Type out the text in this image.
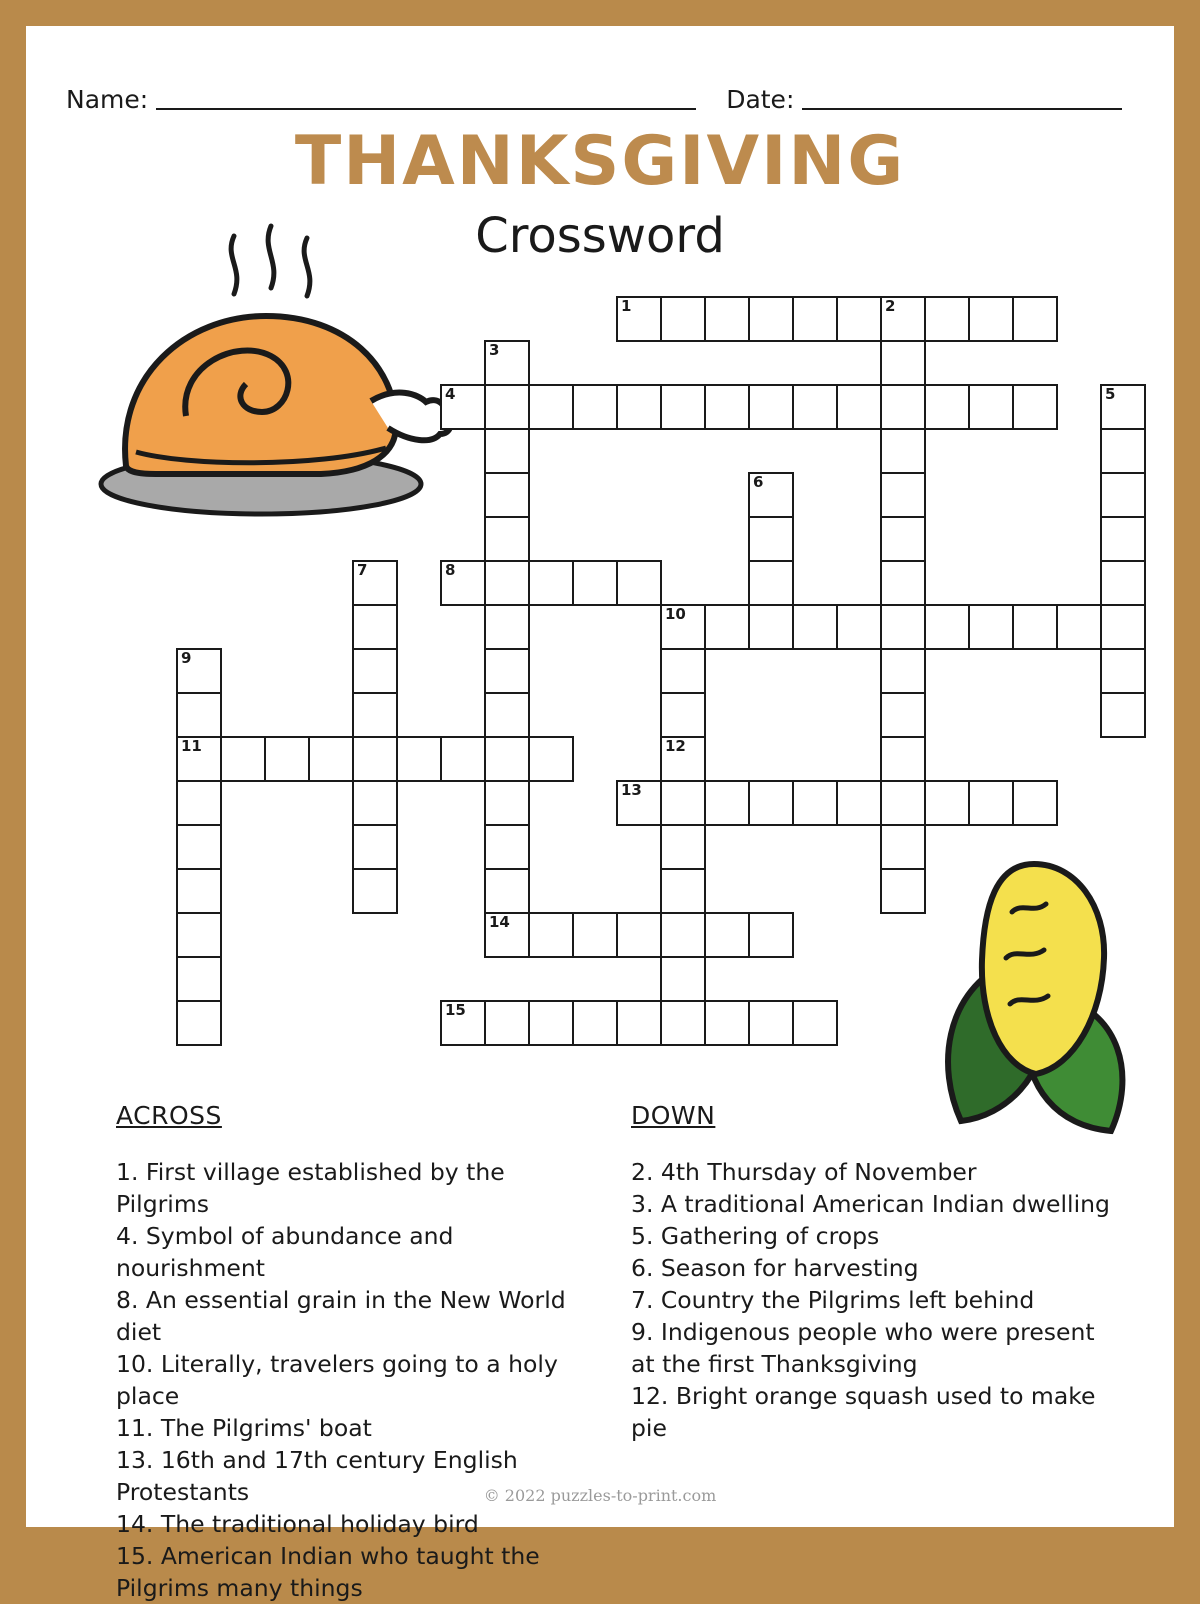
Name:	Date:
THANKSGIVING
Crossword
1	2
3
4	5
6
7	8
10
9
11	12
13
14
15
ACROSS
1. First village established by the Pilgrims
4. Symbol of abundance and nourishment
8. An essential grain in the New World diet
10. Literally, travelers going to a holy place
11. The Pilgrims' boat
13. 16th and 17th century English Protestants
14. The traditional holiday bird
15. American Indian who taught the Pilgrims many things
DOWN
2. 4th Thursday of November
3. A traditional American Indian dwelling
5. Gathering of crops
6. Season for harvesting
7. Country the Pilgrims left behind
9. Indigenous people who were present at the first Thanksgiving
12. Bright orange squash used to make pie
© 2022 puzzles-to-print.com
